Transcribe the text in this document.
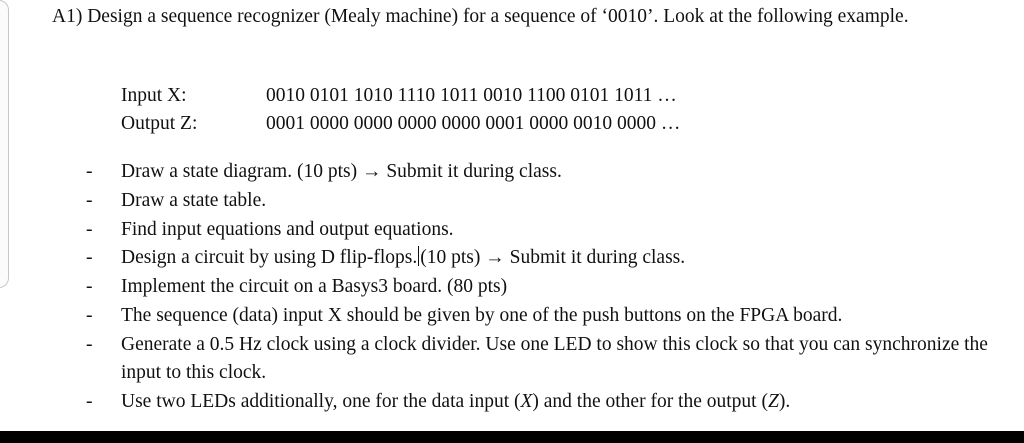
A1) Design a sequence recognizer (Mealy machine) for a sequence of ‘0010’. Look at the following example.

Input X:	0010 0101 1010 1110 1011 0010 1100 0101 1011 …
Output Z:	0001 0000 0000 0000 0000 0001 0000 0010 0000 …
-	Draw a state diagram. (10 pts) → Submit it during class.
-	Draw a state table.
-	Find input equations and output equations.
-	Design a circuit by using D flip-flops. (10 pts) → Submit it during class.
-	Implement the circuit on a Basys3 board. (80 pts)
-	The sequence (data) input X should be given by one of the push buttons on the FPGA board.
-	Generate a 0.5 Hz clock using a clock divider. Use one LED to show this clock so that you can synchronize the input to this clock.
-	Use two LEDs additionally, one for the data input (X) and the other for the output (Z).
